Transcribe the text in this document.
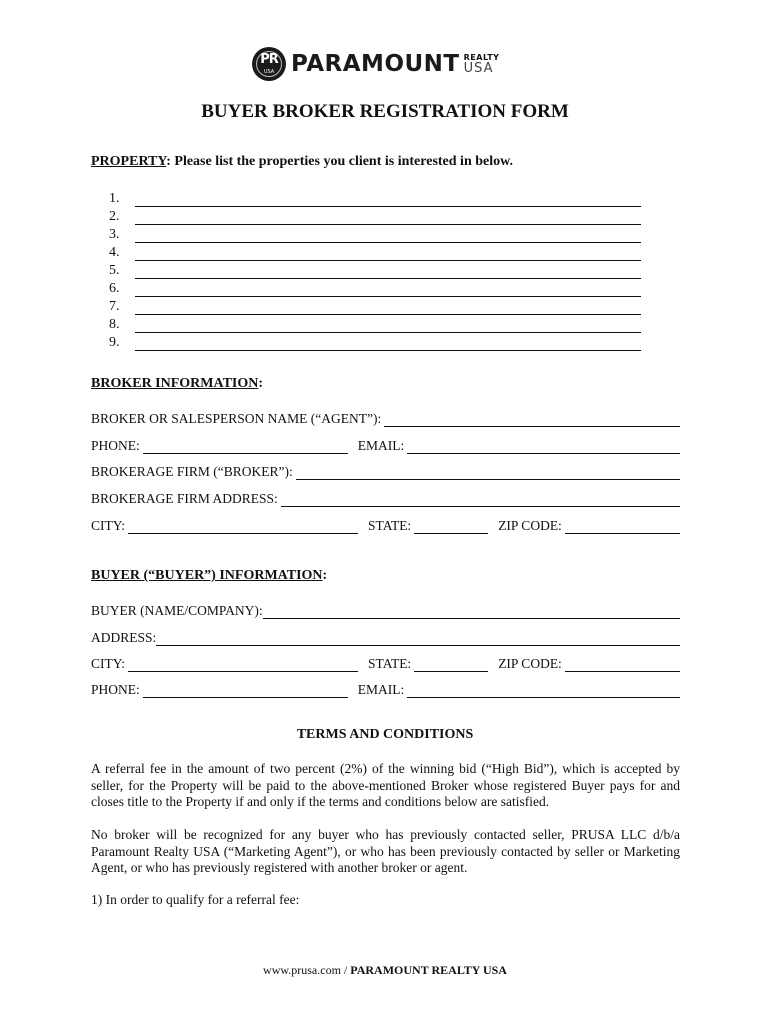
PR
USA PARAMOUNT REALTY
USA
BUYER BROKER REGISTRATION FORM
PROPERTY: Please list the properties you client is interested in below.
1.
2.
3.
4.
5.
6.
7.
8.
9.
BROKER INFORMATION:
BROKER OR SALESPERSON NAME (“AGENT”):
PHONE:	EMAIL:
BROKERAGE FIRM (“BROKER”):
BROKERAGE FIRM ADDRESS:
CITY:	STATE:	ZIP CODE:
BUYER (“BUYER”) INFORMATION:
BUYER (NAME/COMPANY):
ADDRESS:
CITY:	STATE:	ZIP CODE:
PHONE:	EMAIL:
TERMS AND CONDITIONS
A referral fee in the amount of two percent (2%) of the winning bid (“High Bid”), which is accepted by seller, for the Property will be paid to the above-mentioned Broker whose registered Buyer pays for and closes title to the Property if and only if the terms and conditions below are satisfied.
No broker will be recognized for any buyer who has previously contacted seller, PRUSA LLC d/b/a Paramount Realty USA (“Marketing Agent”), or who has been previously contacted by seller or Marketing Agent, or who has previously registered with another broker or agent.
1) In order to qualify for a referral fee:
www.prusa.com / PARAMOUNT REALTY USA
